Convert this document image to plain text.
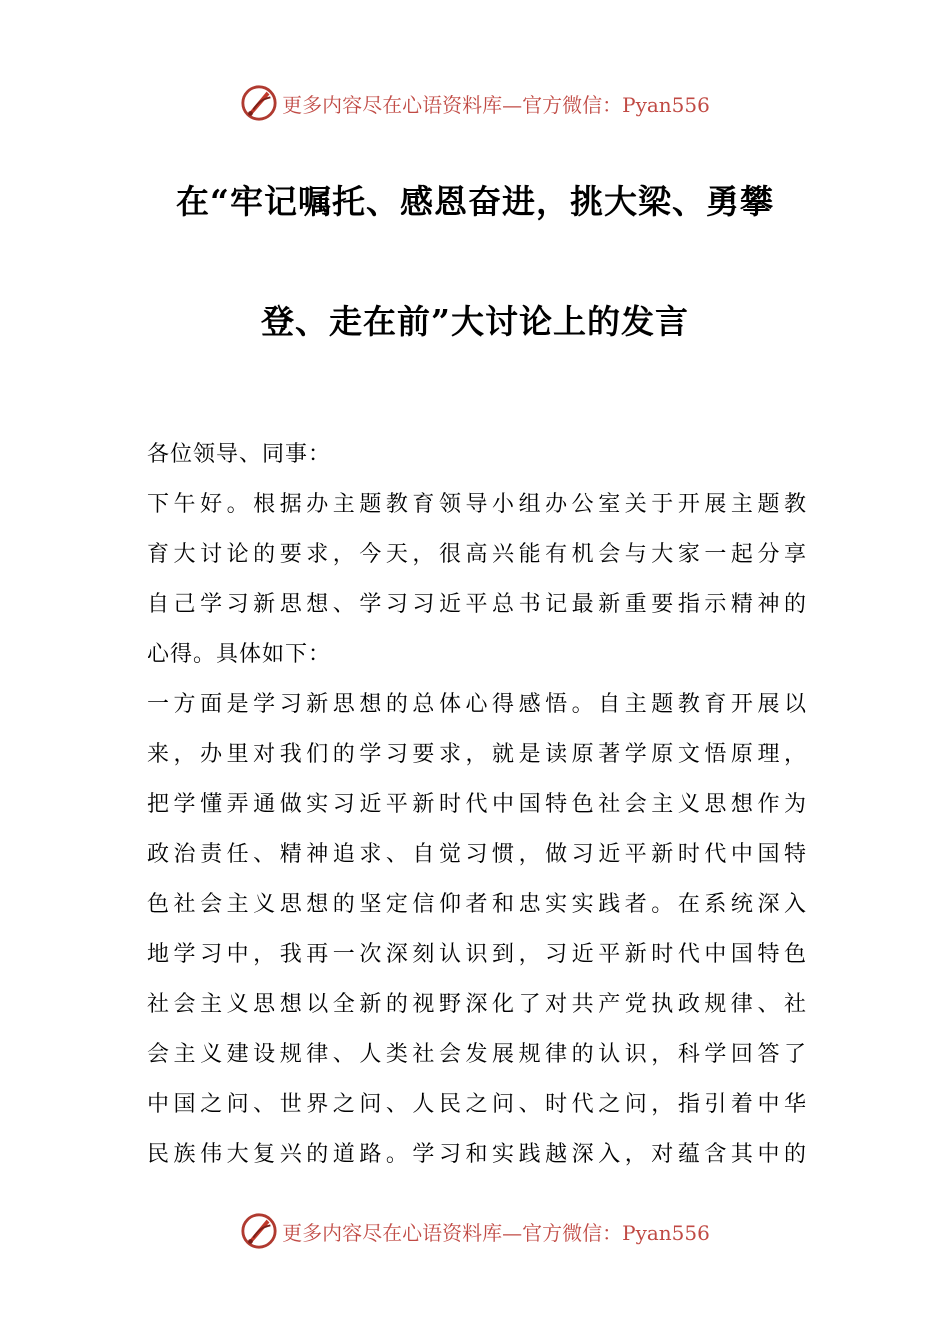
更多内容尽在心语资料库—官方微信：Pyan556
在“牢记嘱托、感恩奋进，挑大梁、勇攀
登、走在前”大讨论上的发言
各位领导、同事：
下午好。根据办主题教育领导小组办公室关于开展主题教
育大讨论的要求，今天，很高兴能有机会与大家一起分享
自己学习新思想、学习习近平总书记最新重要指示精神的
心得。具体如下：
一方面是学习新思想的总体心得感悟。自主题教育开展以
来，办里对我们的学习要求，就是读原著学原文悟原理，
把学懂弄通做实习近平新时代中国特色社会主义思想作为
政治责任、精神追求、自觉习惯，做习近平新时代中国特
色社会主义思想的坚定信仰者和忠实实践者。在系统深入
地学习中，我再一次深刻认识到，习近平新时代中国特色
社会主义思想以全新的视野深化了对共产党执政规律、社
会主义建设规律、人类社会发展规律的认识，科学回答了
中国之问、世界之问、人民之问、时代之问，指引着中华
民族伟大复兴的道路。学习和实践越深入，对蕴含其中的
更多内容尽在心语资料库—官方微信：Pyan556
